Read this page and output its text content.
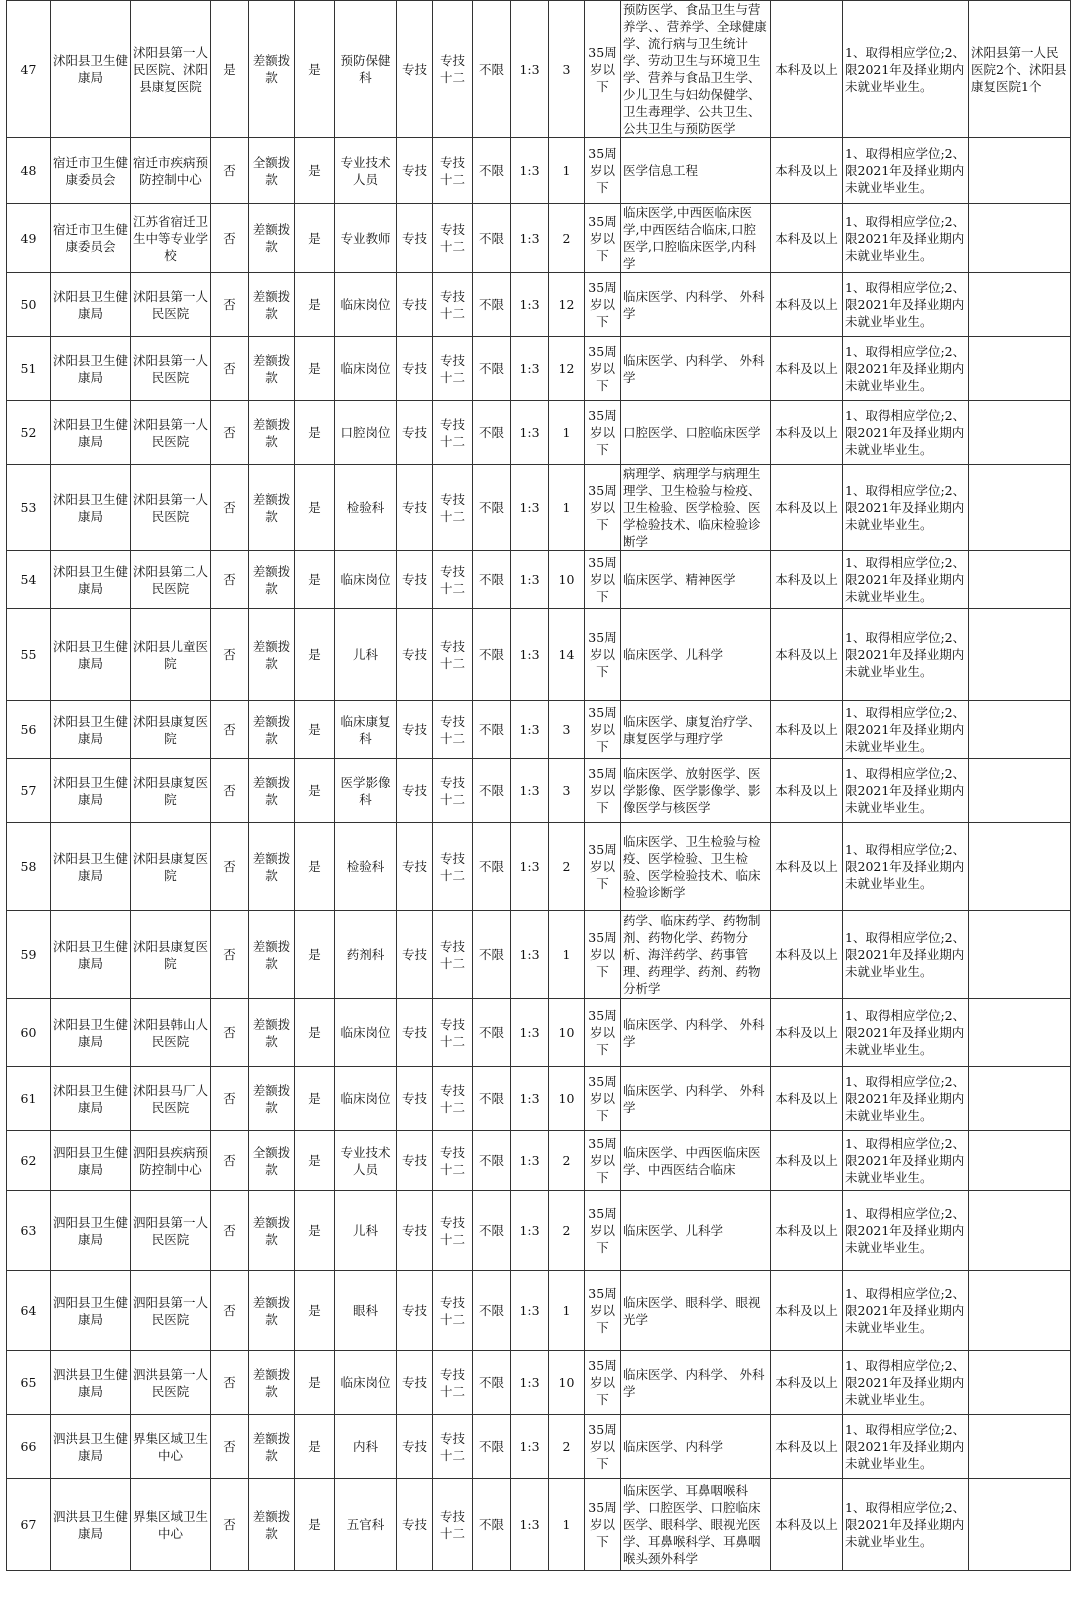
47	沭阳县卫生健康局	沭阳县第一人民医院、沭阳县康复医院	是	差额拨款	是	预防保健科	专技	专技十二	不限	1:3	3	35周岁以下	预防医学、食品卫生与营养学、、营养学、全球健康学、流行病与卫生统计学、劳动卫生与环境卫生学、营养与食品卫生学、少儿卫生与妇幼保健学、卫生毒理学、公共卫生、公共卫生与预防医学	本科及以上	1、取得相应学位;2、限2021年及择业期内未就业毕业生。	沭阳县第一人民医院2个、沭阳县康复医院1个
48	宿迁市卫生健康委员会	宿迁市疾病预防控制中心	否	全额拨款	是	专业技术人员	专技	专技十二	不限	1:3	1	35周岁以下	医学信息工程	本科及以上	1、取得相应学位;2、限2021年及择业期内未就业毕业生。	
49	宿迁市卫生健康委员会	江苏省宿迁卫生中等专业学校	否	差额拨款	是	专业教师	专技	专技十二	不限	1:3	2	35周岁以下	临床医学,中西医临床医学,中西医结合临床,口腔医学,口腔临床医学,内科学	本科及以上	1、取得相应学位;2、限2021年及择业期内未就业毕业生。	
50	沭阳县卫生健康局	沭阳县第一人民医院	否	差额拨款	是	临床岗位	专技	专技十二	不限	1:3	12	35周岁以下	临床医学、内科学、 外科学	本科及以上	1、取得相应学位;2、限2021年及择业期内未就业毕业生。	
51	沭阳县卫生健康局	沭阳县第一人民医院	否	差额拨款	是	临床岗位	专技	专技十二	不限	1:3	12	35周岁以下	临床医学、内科学、 外科学	本科及以上	1、取得相应学位;2、限2021年及择业期内未就业毕业生。	
52	沭阳县卫生健康局	沭阳县第一人民医院	否	差额拨款	是	口腔岗位	专技	专技十二	不限	1:3	1	35周岁以下	口腔医学、口腔临床医学	本科及以上	1、取得相应学位;2、限2021年及择业期内未就业毕业生。	
53	沭阳县卫生健康局	沭阳县第一人民医院	否	差额拨款	是	检验科	专技	专技十二	不限	1:3	1	35周岁以下	病理学、病理学与病理生理学、卫生检验与检疫、卫生检验、医学检验、医学检验技术、临床检验诊断学	本科及以上	1、取得相应学位;2、限2021年及择业期内未就业毕业生。	
54	沭阳县卫生健康局	沭阳县第二人民医院	否	差额拨款	是	临床岗位	专技	专技十二	不限	1:3	10	35周岁以下	临床医学、精神医学	本科及以上	1、取得相应学位;2、限2021年及择业期内未就业毕业生。	
55	沭阳县卫生健康局	沭阳县儿童医院	否	差额拨款	是	儿科	专技	专技十二	不限	1:3	14	35周岁以下	临床医学、儿科学	本科及以上	1、取得相应学位;2、限2021年及择业期内未就业毕业生。	
56	沭阳县卫生健康局	沭阳县康复医院	否	差额拨款	是	临床康复科	专技	专技十二	不限	1:3	3	35周岁以下	临床医学、康复治疗学、康复医学与理疗学	本科及以上	1、取得相应学位;2、限2021年及择业期内未就业毕业生。	
57	沭阳县卫生健康局	沭阳县康复医院	否	差额拨款	是	医学影像科	专技	专技十二	不限	1:3	3	35周岁以下	临床医学、放射医学、医学影像、医学影像学、影像医学与核医学	本科及以上	1、取得相应学位;2、限2021年及择业期内未就业毕业生。	
58	沭阳县卫生健康局	沭阳县康复医院	否	差额拨款	是	检验科	专技	专技十二	不限	1:3	2	35周岁以下	临床医学、卫生检验与检疫、医学检验、卫生检验、医学检验技术、临床检验诊断学	本科及以上	1、取得相应学位;2、限2021年及择业期内未就业毕业生。	
59	沭阳县卫生健康局	沭阳县康复医院	否	差额拨款	是	药剂科	专技	专技十二	不限	1:3	1	35周岁以下	药学、临床药学、药物制剂、药物化学、药物分析、海洋药学、药事管理、药理学、药剂、药物分析学	本科及以上	1、取得相应学位;2、限2021年及择业期内未就业毕业生。	
60	沭阳县卫生健康局	沭阳县韩山人民医院	否	差额拨款	是	临床岗位	专技	专技十二	不限	1:3	10	35周岁以下	临床医学、内科学、 外科学	本科及以上	1、取得相应学位;2、限2021年及择业期内未就业毕业生。	
61	沭阳县卫生健康局	沭阳县马厂人民医院	否	差额拨款	是	临床岗位	专技	专技十二	不限	1:3	10	35周岁以下	临床医学、内科学、 外科学	本科及以上	1、取得相应学位;2、限2021年及择业期内未就业毕业生。	
62	泗阳县卫生健康局	泗阳县疾病预防控制中心	否	全额拨款	是	专业技术人员	专技	专技十二	不限	1:3	2	35周岁以下	临床医学、中西医临床医学、中西医结合临床	本科及以上	1、取得相应学位;2、限2021年及择业期内未就业毕业生。	
63	泗阳县卫生健康局	泗阳县第一人民医院	否	差额拨款	是	儿科	专技	专技十二	不限	1:3	2	35周岁以下	临床医学、儿科学	本科及以上	1、取得相应学位;2、限2021年及择业期内未就业毕业生。	
64	泗阳县卫生健康局	泗阳县第一人民医院	否	差额拨款	是	眼科	专技	专技十二	不限	1:3	1	35周岁以下	临床医学、眼科学、眼视光学	本科及以上	1、取得相应学位;2、限2021年及择业期内未就业毕业生。	
65	泗洪县卫生健康局	泗洪县第一人民医院	否	差额拨款	是	临床岗位	专技	专技十二	不限	1:3	10	35周岁以下	临床医学、内科学、 外科学	本科及以上	1、取得相应学位;2、限2021年及择业期内未就业毕业生。	
66	泗洪县卫生健康局	界集区域卫生中心	否	差额拨款	是	内科	专技	专技十二	不限	1:3	2	35周岁以下	临床医学、内科学	本科及以上	1、取得相应学位;2、限2021年及择业期内未就业毕业生。	
67	泗洪县卫生健康局	界集区域卫生中心	否	差额拨款	是	五官科	专技	专技十二	不限	1:3	1	35周岁以下	临床医学、耳鼻咽喉科学、口腔医学、口腔临床医学、眼科学、眼视光医学、耳鼻喉科学、耳鼻咽喉头颈外科学	本科及以上	1、取得相应学位;2、限2021年及择业期内未就业毕业生。	
